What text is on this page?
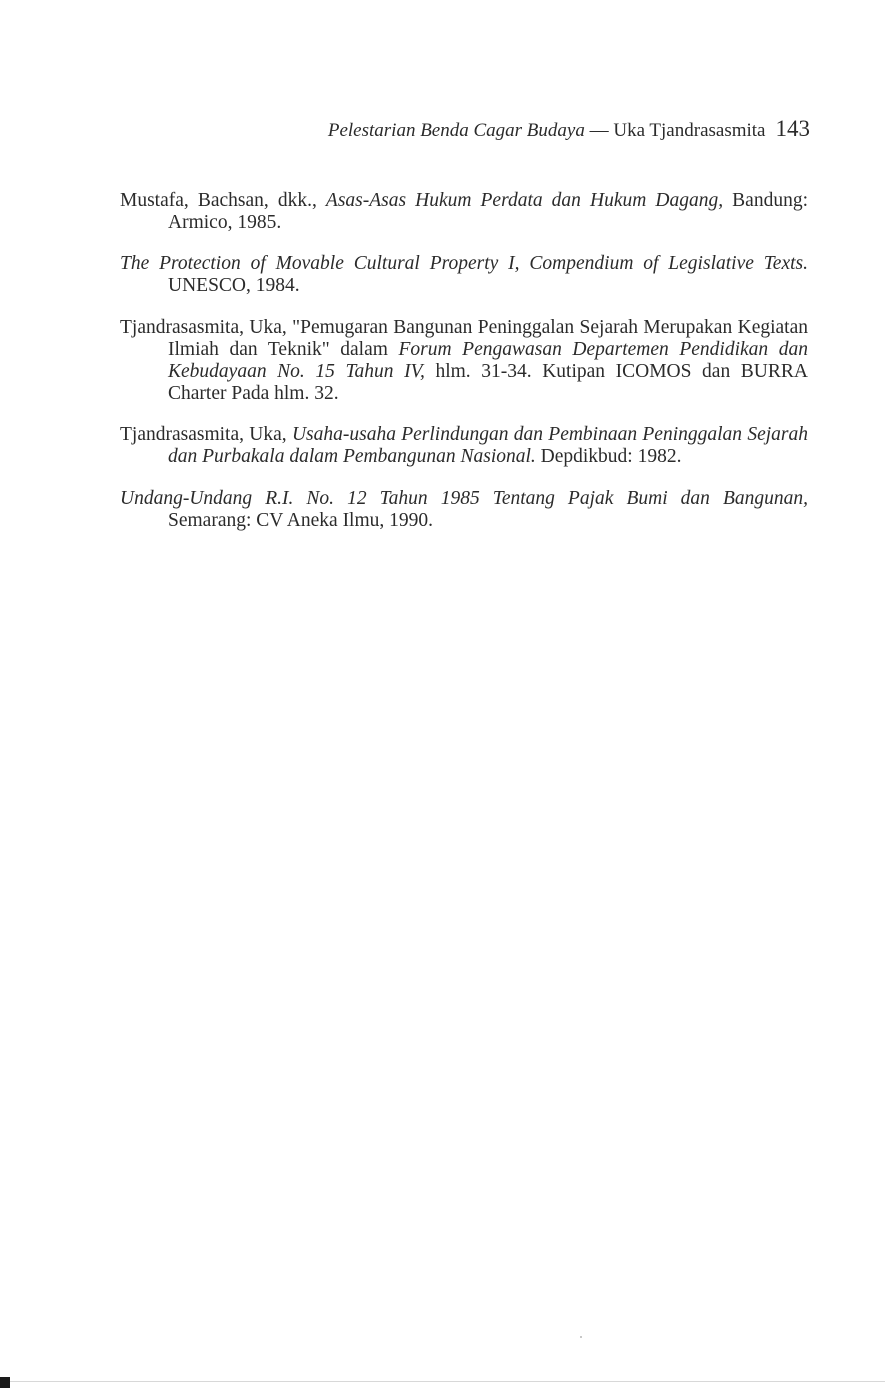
Pelestarian Benda Cagar Budaya — Uka Tjandrasasmita 143

Mustafa, Bachsan, dkk., Asas-Asas Hukum Perdata dan Hukum Dagang, Bandung: Armico, 1985.

The Protection of Movable Cultural Property I, Compendium of Legislative Texts. UNESCO, 1984.

Tjandrasasmita, Uka, "Pemugaran Bangunan Peninggalan Sejarah Merupakan Kegiatan Ilmiah dan Teknik" dalam Forum Pengawasan Departemen Pendidikan dan Kebudayaan No. 15 Tahun IV, hlm. 31-34. Kutipan ICOMOS dan BURRA Charter Pada hlm. 32.

Tjandrasasmita, Uka, Usaha-usaha Perlindungan dan Pembinaan Peninggalan Sejarah dan Purbakala dalam Pembangunan Nasional. Depdikbud: 1982.

Undang-Undang R.I. No. 12 Tahun 1985 Tentang Pajak Bumi dan Bangunan, Semarang: CV Aneka Ilmu, 1990.
